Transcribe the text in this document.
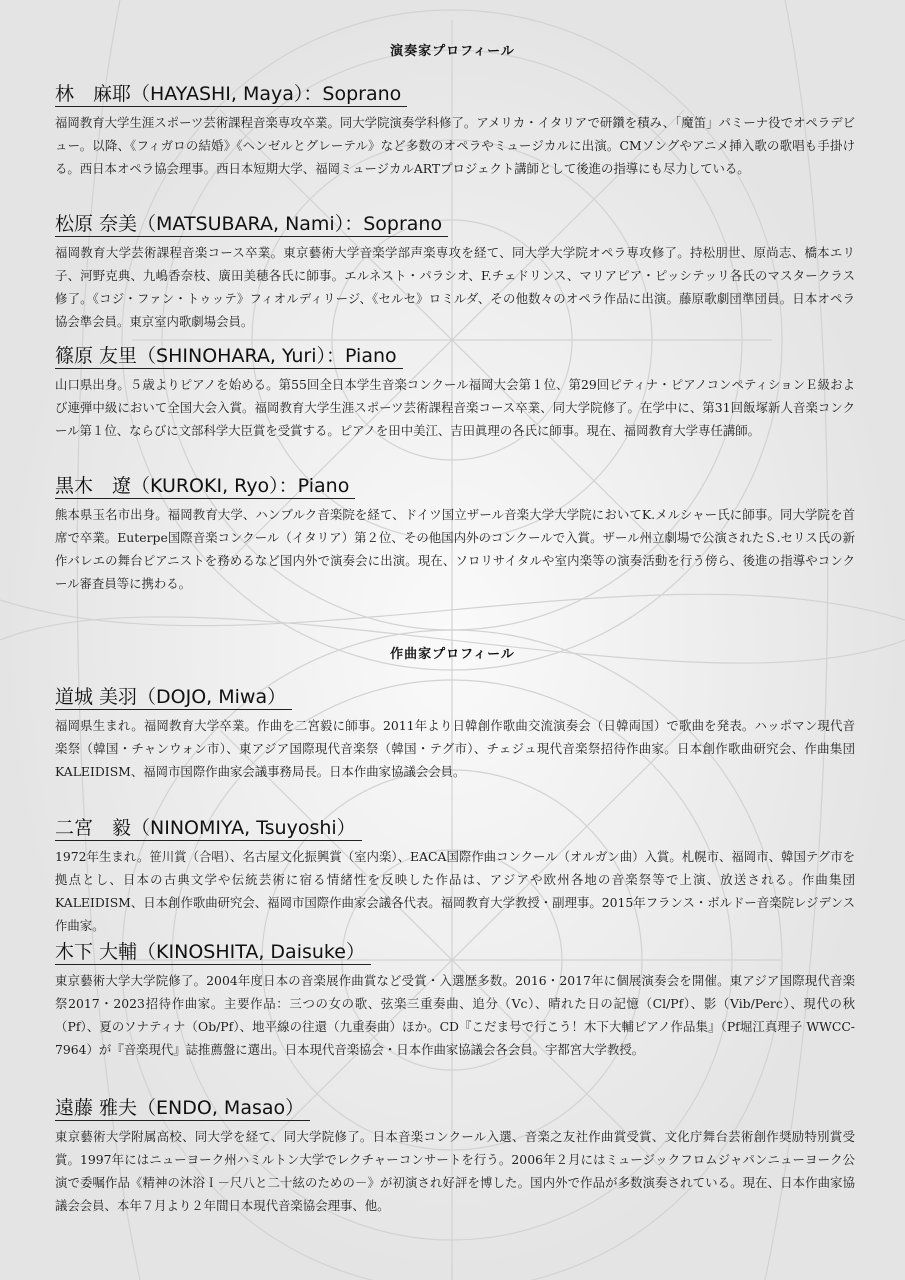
演奏家プロフィール
林　麻耶（HAYASHI, Maya）：Soprano
福岡教育大学生涯スポーツ芸術課程音楽専攻卒業。同大学院演奏学科修了。アメリカ・イタリアで研鑽を積み、「魔笛」パミーナ役でオペラデビュー。以降、《フィガロの結婚》《ヘンゼルとグレーテル》など多数のオペラやミュージカルに出演。CMソングやアニメ挿入歌の歌唱も手掛ける。西日本オペラ協会理事。西日本短期大学、福岡ミュージカルARTプロジェクト講師として後進の指導にも尽力している。
松原 奈美（MATSUBARA, Nami）：Soprano
福岡教育大学芸術課程音楽コース卒業。東京藝術大学音楽学部声楽専攻を経て、同大学大学院オペラ専攻修了。持松朋世、原尚志、橋本エリ子、河野克典、九嶋香奈枝、廣田美穂各氏に師事。エルネスト・パラシオ、F.チェドリンス、マリアピア・ピッシテッリ各氏のマスタークラス修了。《コジ・ファン・トゥッテ》フィオルディリージ、《セルセ》ロミルダ、その他数々のオペラ作品に出演。藤原歌劇団準団員。日本オペラ協会準会員。東京室内歌劇場会員。
篠原 友里（SHINOHARA, Yuri）：Piano
山口県出身。５歳よりピアノを始める。第55回全日本学生音楽コンクール福岡大会第１位、第29回ピティナ・ピアノコンペティションＥ級および連弾中級において全国大会入賞。福岡教育大学生涯スポーツ芸術課程音楽コース卒業、同大学院修了。在学中に、第31回飯塚新人音楽コンクール第１位、ならびに文部科学大臣賞を受賞する。ピアノを田中美江、吉田眞理の各氏に師事。現在、福岡教育大学専任講師。
黒木　遼（KUROKI, Ryo）：Piano
熊本県玉名市出身。福岡教育大学、ハンブルク音楽院を経て、ドイツ国立ザール音楽大学大学院においてK.メルシャー氏に師事。同大学院を首席で卒業。Euterpe国際音楽コンクール（イタリア）第２位、その他国内外のコンクールで入賞。ザール州立劇場で公演されたＳ.セリス氏の新作バレエの舞台ピアニストを務めるなど国内外で演奏会に出演。現在、ソロリサイタルや室内楽等の演奏活動を行う傍ら、後進の指導やコンクール審査員等に携わる。
作曲家プロフィール
道城 美羽（DOJO, Miwa）
福岡県生まれ。福岡教育大学卒業。作曲を二宮毅に師事。2011年より日韓創作歌曲交流演奏会（日韓両国）で歌曲を発表。ハッポマン現代音楽祭（韓国・チャンウォン市）、東アジア国際現代音楽祭（韓国・テグ市）、チェジュ現代音楽祭招待作曲家。日本創作歌曲研究会、作曲集団KALEIDISM、福岡市国際作曲家会議事務局長。日本作曲家協議会会員。
二宮　毅（NINOMIYA, Tsuyoshi）
1972年生まれ。笹川賞（合唱）、名古屋文化振興賞（室内楽）、EACA国際作曲コンクール（オルガン曲）入賞。札幌市、福岡市、韓国テグ市を拠点とし、日本の古典文学や伝統芸術に宿る情緒性を反映した作品は、アジアや欧州各地の音楽祭等で上演、放送される。作曲集団KALEIDISM、日本創作歌曲研究会、福岡市国際作曲家会議各代表。福岡教育大学教授・副理事。2015年フランス・ボルドー音楽院レジデンス作曲家。
木下 大輔（KINOSHITA, Daisuke）
東京藝術大学大学院修了。2004年度日本の音楽展作曲賞など受賞・入選歴多数。2016・2017年に個展演奏会を開催。東アジア国際現代音楽祭2017・2023招待作曲家。主要作品：三つの女の歌、弦楽三重奏曲、追分（Vc）、晴れた日の記憶（Cl/Pf）、影（Vib/Perc）、現代の秋（Pf）、夏のソナティナ（Ob/Pf）、地平線の往還（九重奏曲）ほか。CD『こだま号で行こう！木下大輔ピアノ作品集』（Pf堀江真理子 WWCC-7964）が『音楽現代』誌推薦盤に選出。日本現代音楽協会・日本作曲家協議会各会員。宇都宮大学教授。
遠藤 雅夫（ENDO, Masao）
東京藝術大学附属高校、同大学を経て、同大学院修了。日本音楽コンクール入選、音楽之友社作曲賞受賞、文化庁舞台芸術創作奨励特別賞受賞。1997年にはニューヨーク州ハミルトン大学でレクチャーコンサートを行う。2006年２月にはミュージックフロムジャパンニューヨーク公演で委嘱作品《精神の沐浴Ｉ－尺八と二十絃のための－》が初演され好評を博した。国内外で作品が多数演奏されている。現在、日本作曲家協議会会員、本年７月より２年間日本現代音楽協会理事、他。
